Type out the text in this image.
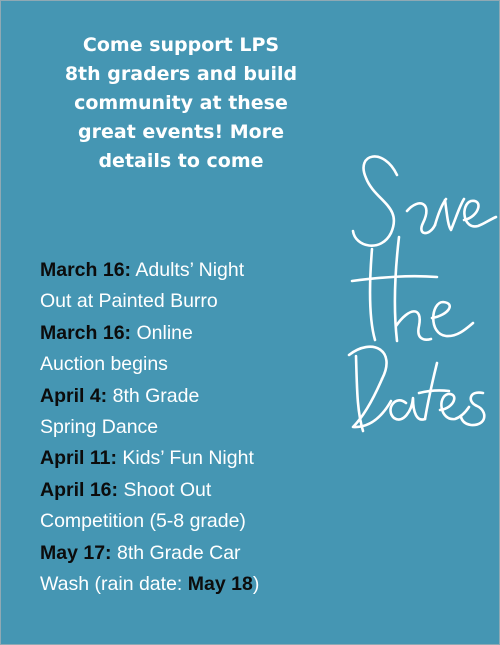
Come support LPS
8th graders and build
community at these
great events! More
details to come
March 16: Adults’ Night
Out at Painted Burro
March 16: Online
Auction begins
April 4: 8th Grade
Spring Dance
April 11: Kids’ Fun Night
April 16: Shoot Out
Competition (5-8 grade)
May 17: 8th Grade Car
Wash (rain date: May 18)
